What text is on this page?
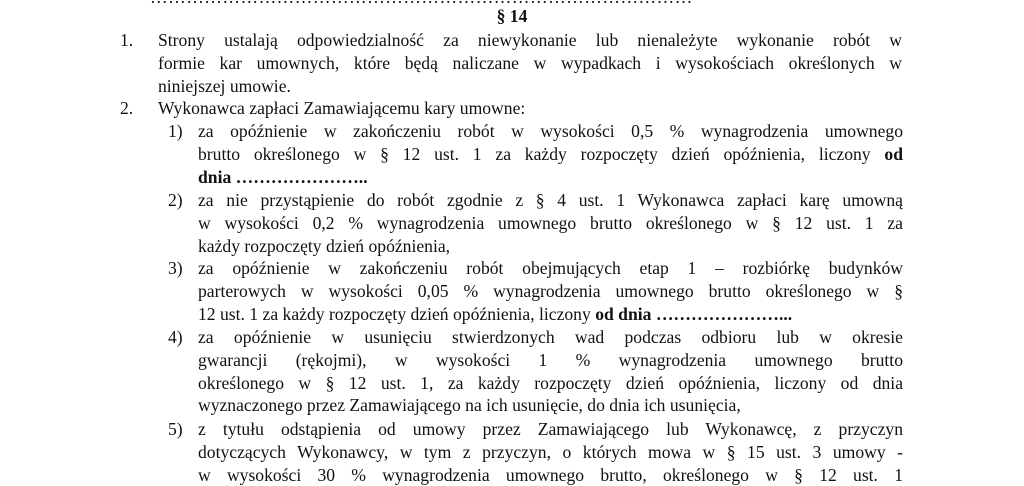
§ 14
1. Strony ustalają odpowiedzialność za niewykonanie lub nienależyte wykonanie robót w
formie kar umownych, które będą naliczane w wypadkach i wysokościach określonych w
niniejszej umowie.
2. Wykonawca zapłaci Zamawiającemu kary umowne:
1) za opóźnienie w zakończeniu robót w wysokości 0,5 % wynagrodzenia umownego
brutto określonego w § 12 ust. 1 za każdy rozpoczęty dzień opóźnienia, liczony od
dnia …………………..
2) za nie przystąpienie do robót zgodnie z § 4 ust. 1 Wykonawca zapłaci karę umowną
w wysokości 0,2 % wynagrodzenia umownego brutto określonego w § 12 ust. 1 za
każdy rozpoczęty dzień opóźnienia,
3) za opóźnienie w zakończeniu robót obejmujących etap 1 – rozbiórkę budynków
parterowych w wysokości 0,05 % wynagrodzenia umownego brutto określonego w §
12 ust. 1 za każdy rozpoczęty dzień opóźnienia, liczony od dnia …………………...
4) za opóźnienie w usunięciu stwierdzonych wad podczas odbioru lub w okresie
gwarancji (rękojmi), w wysokości 1 % wynagrodzenia umownego brutto
określonego w § 12 ust. 1, za każdy rozpoczęty dzień opóźnienia, liczony od dnia
wyznaczonego przez Zamawiającego na ich usunięcie, do dnia ich usunięcia,
5) z tytułu odstąpienia od umowy przez Zamawiającego lub Wykonawcę, z przyczyn
dotyczących Wykonawcy, w tym z przyczyn, o których mowa w § 15 ust. 3 umowy -
w wysokości 30 % wynagrodzenia umownego brutto, określonego w § 12 ust. 1
